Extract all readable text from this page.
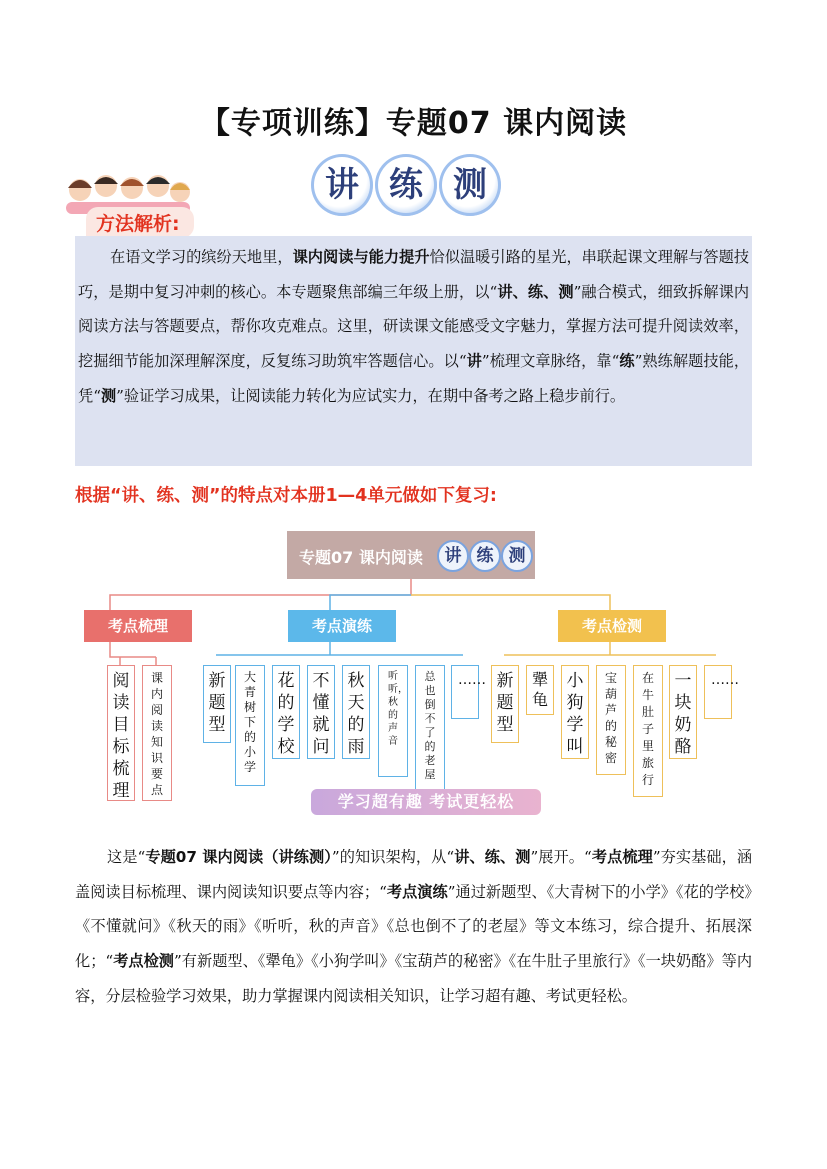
【专项训练】专题07 课内阅读
讲 练 测
方法解析:

在语文学习的缤纷天地里，课内阅读与能力提升恰似温暖引路的星光，串联起课文理解与答题技巧，是期中复习冲刺的核心。本专题聚焦部编三年级上册，以“讲、练、测”融合模式，细致拆解课内阅读方法与答题要点，帮你攻克难点。这里，研读课文能感受文字魅力，掌握方法可提升阅读效率，挖掘细节能加深理解深度，反复练习助筑牢答题信心。以“讲”梳理文章脉络，靠“练”熟练解题技能，凭“测”验证学习成果，让阅读能力转化为应试实力，在期中备考之路上稳步前行。

根据“讲、练、测”的特点对本册1—4单元做如下复习:
专题07 课内阅读	讲 练 测
考点梳理	考点演练	考点检测
阅读目标梳理
课内阅读知识要点
新题型
大青树下的小学
花的学校
不懂就问
秋天的雨
听听，秋的声音
总也倒不了的老屋
…… 新题型
犟龟
小狗学叫
宝葫芦的秘密
在牛肚子里旅行
一块奶酪
……
学习超有趣 考试更轻松

这是“专题07 课内阅读（讲练测）”的知识架构，从“讲、练、测”展开。“考点梳理”夯实基础，涵盖阅读目标梳理、课内阅读知识要点等内容；“考点演练”通过新题型、《大青树下的小学》《花的学校》《不懂就问》《秋天的雨》《听听，秋的声音》《总也倒不了的老屋》等文本练习，综合提升、拓展深化；“考点检测”有新题型、《犟龟》《小狗学叫》《宝葫芦的秘密》《在牛肚子里旅行》《一块奶酪》等内容，分层检验学习效果，助力掌握课内阅读相关知识，让学习超有趣、考试更轻松。
